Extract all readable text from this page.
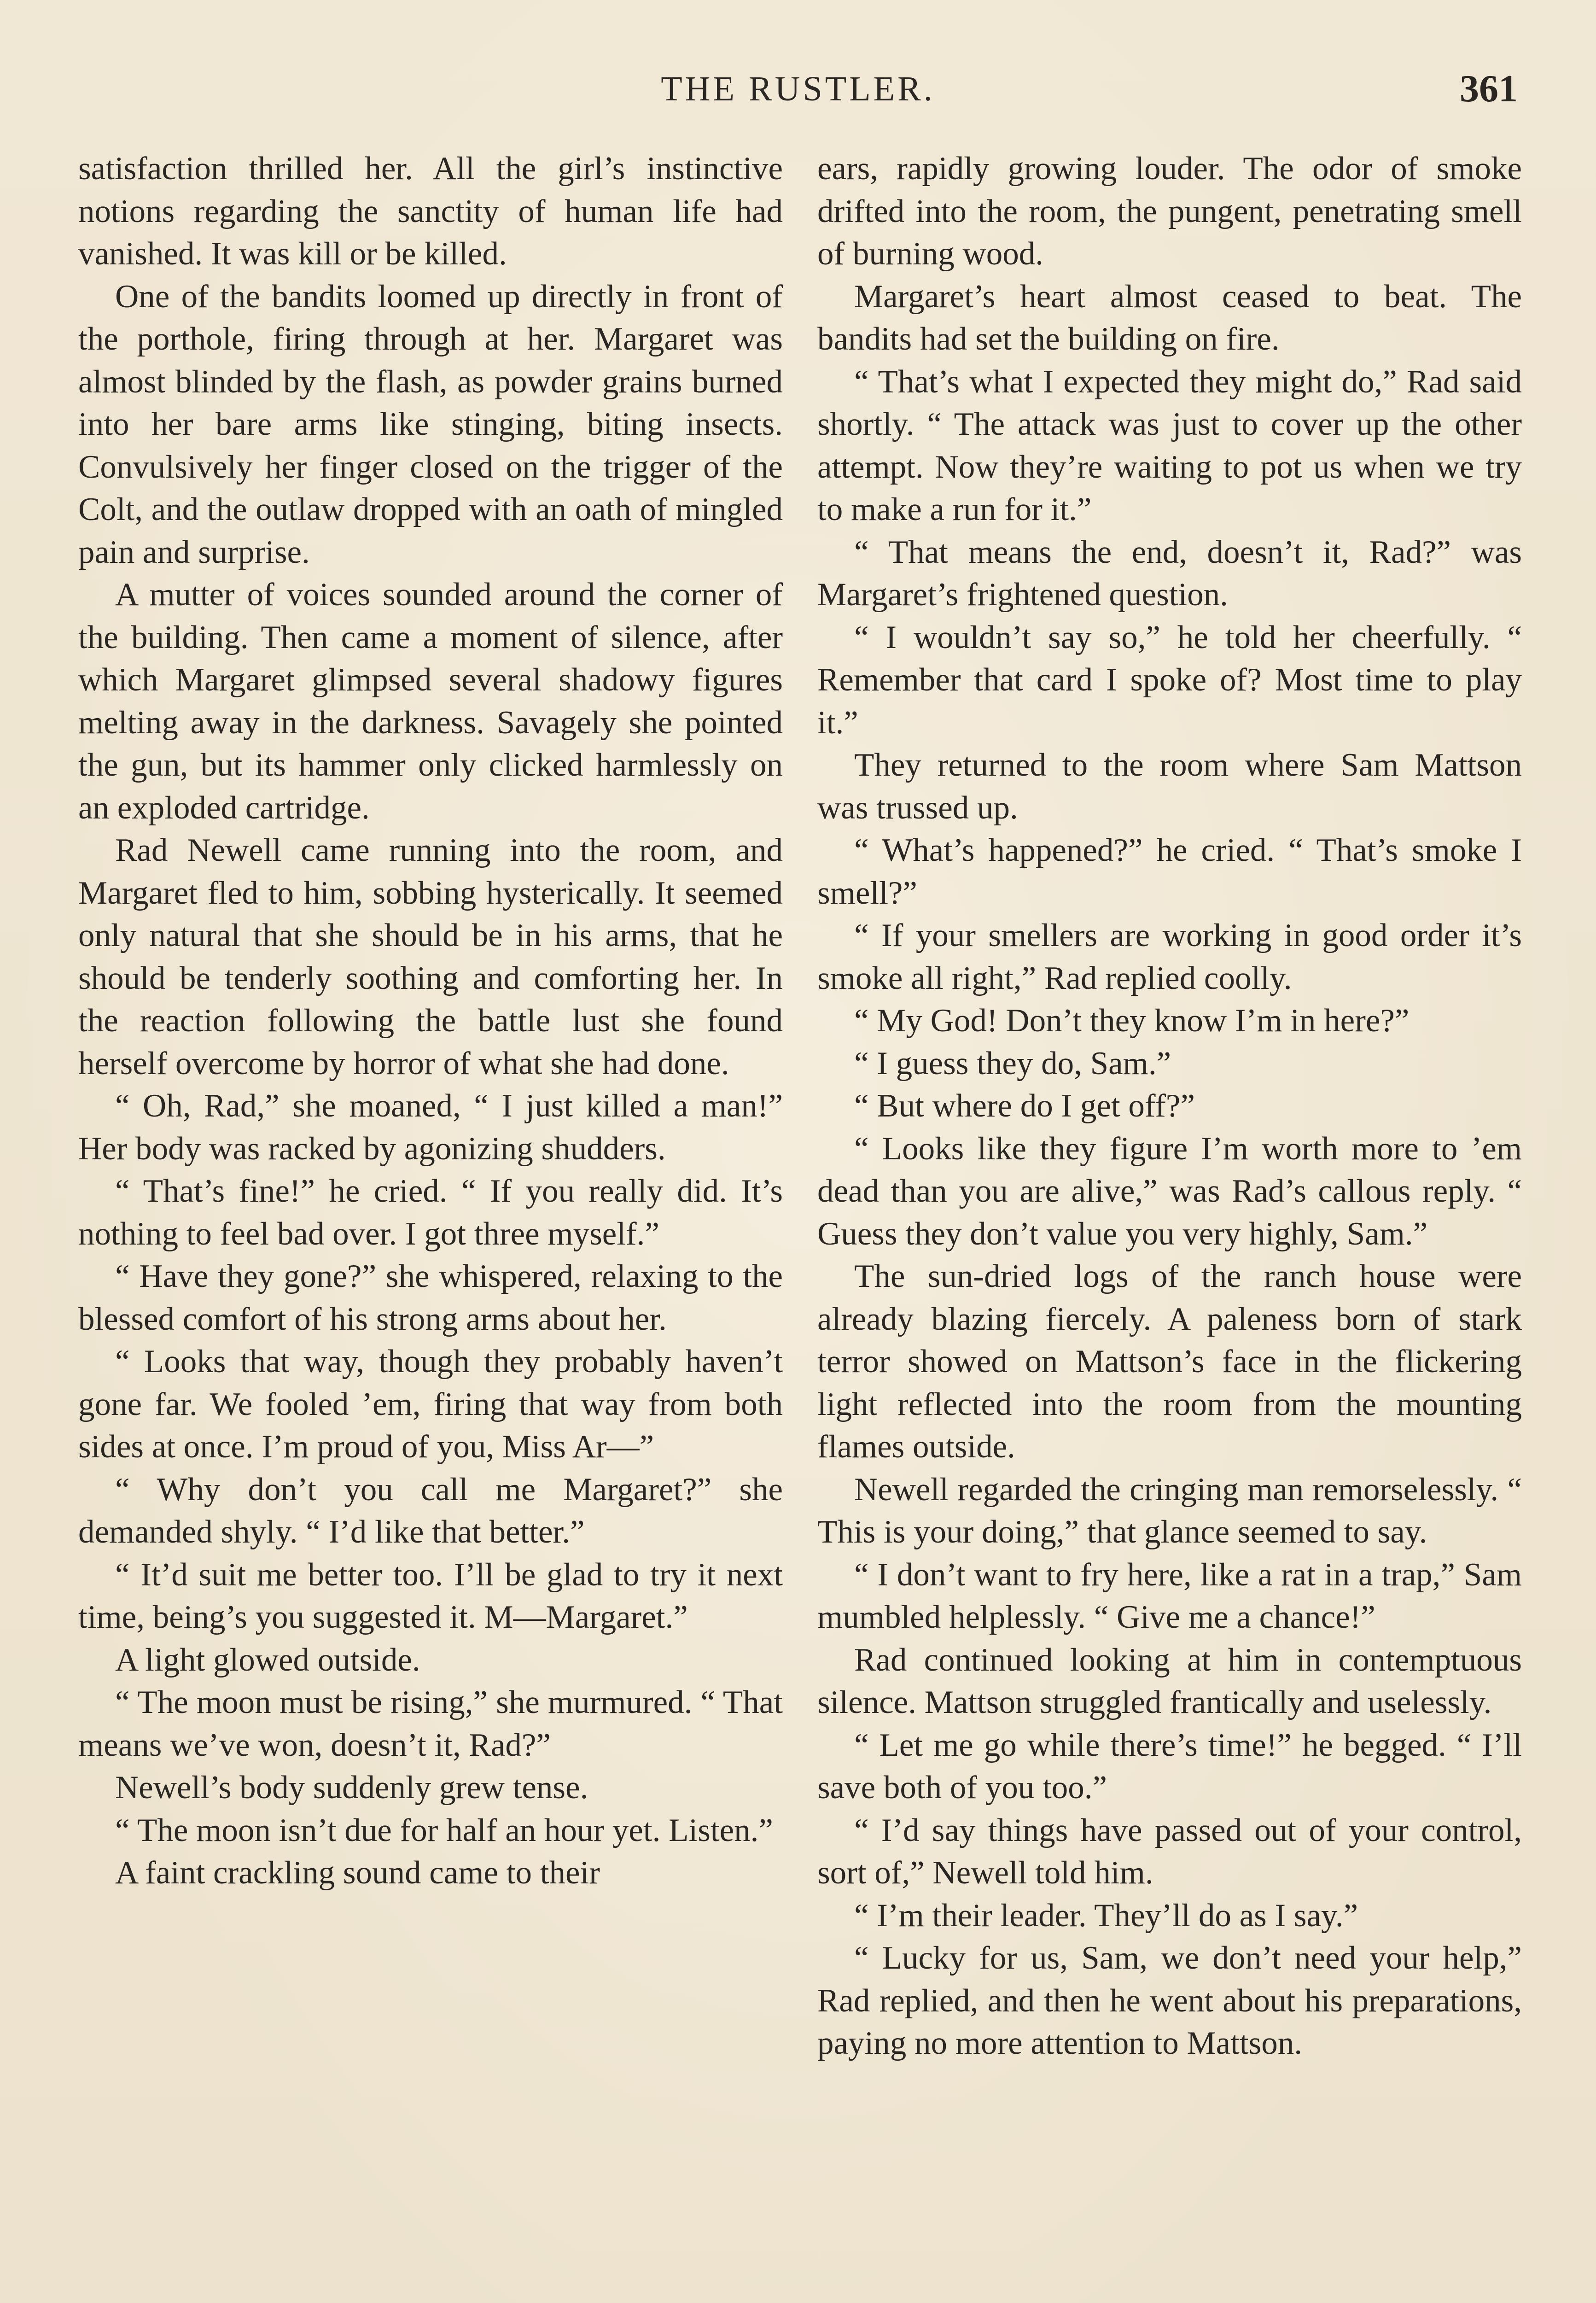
THE RUSTLER.	361

satisfaction thrilled her. All the girl’s instinctive notions regarding the sanctity of human life had vanished. It was kill or be killed.

One of the bandits loomed up directly in front of the porthole, firing through at her. Margaret was almost blinded by the flash, as powder grains burned into her bare arms like stinging, biting insects. Convulsively her finger closed on the trigger of the Colt, and the outlaw dropped with an oath of mingled pain and surprise.

A mutter of voices sounded around the corner of the building. Then came a moment of silence, after which Margaret glimpsed several shadowy figures melting away in the darkness. Savagely she pointed the gun, but its hammer only clicked harmlessly on an exploded cartridge.

Rad Newell came running into the room, and Margaret fled to him, sobbing hysterically. It seemed only natural that she should be in his arms, that he should be tenderly soothing and comforting her. In the reaction following the battle lust she found herself overcome by horror of what she had done.

“ Oh, Rad,” she moaned, “ I just killed a man!” Her body was racked by agonizing shudders.

“ That’s fine!” he cried. “ If you really did. It’s nothing to feel bad over. I got three myself.”

“ Have they gone?” she whispered, relaxing to the blessed comfort of his strong arms about her.

“ Looks that way, though they probably haven’t gone far. We fooled ’em, firing that way from both sides at once. I’m proud of you, Miss Ar—”

“ Why don’t you call me Margaret?” she demanded shyly. “ I’d like that better.”

“ It’d suit me better too. I’ll be glad to try it next time, being’s you suggested it. M—Margaret.”

A light glowed outside.

“ The moon must be rising,” she murmured. “ That means we’ve won, doesn’t it, Rad?”

Newell’s body suddenly grew tense.

“ The moon isn’t due for half an hour yet. Listen.”

A faint crackling sound came to their

ears, rapidly growing louder. The odor of smoke drifted into the room, the pungent, penetrating smell of burning wood.

Margaret’s heart almost ceased to beat. The bandits had set the building on fire.

“ That’s what I expected they might do,” Rad said shortly. “ The attack was just to cover up the other attempt. Now they’re waiting to pot us when we try to make a run for it.”

“ That means the end, doesn’t it, Rad?” was Margaret’s frightened question.

“ I wouldn’t say so,” he told her cheerfully. “ Remember that card I spoke of? Most time to play it.”

They returned to the room where Sam Mattson was trussed up.

“ What’s happened?” he cried. “ That’s smoke I smell?”

“ If your smellers are working in good order it’s smoke all right,” Rad replied coolly.

“ My God! Don’t they know I’m in here?”

“ I guess they do, Sam.”

“ But where do I get off?”

“ Looks like they figure I’m worth more to ’em dead than you are alive,” was Rad’s callous reply. “ Guess they don’t value you very highly, Sam.”

The sun-dried logs of the ranch house were already blazing fiercely. A paleness born of stark terror showed on Mattson’s face in the flickering light reflected into the room from the mounting flames outside.

Newell regarded the cringing man remorselessly. “ This is your doing,” that glance seemed to say.

“ I don’t want to fry here, like a rat in a trap,” Sam mumbled helplessly. “ Give me a chance!”

Rad continued looking at him in contemptuous silence. Mattson struggled frantically and uselessly.

“ Let me go while there’s time!” he begged. “ I’ll save both of you too.”

“ I’d say things have passed out of your control, sort of,” Newell told him.

“ I’m their leader. They’ll do as I say.”

“ Lucky for us, Sam, we don’t need your help,” Rad replied, and then he went about his preparations, paying no more attention to Mattson.
